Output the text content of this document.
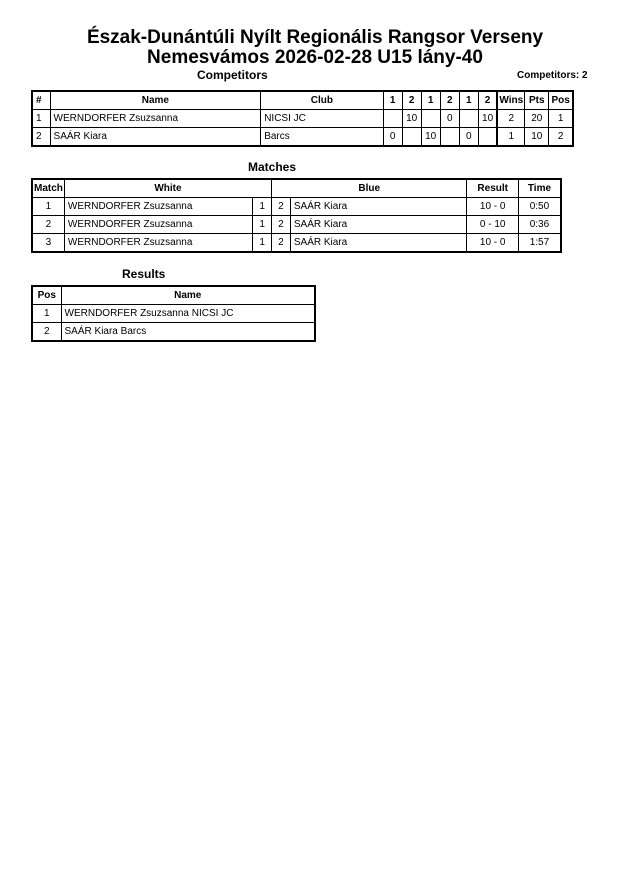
Észak-Dunántúli Nyílt Regionális Rangsor Verseny
Nemesvámos 2026-02-28 U15 lány-40
Competitors	Competitors: 2
#	Name	Club	1	2	1	2	1	2	Wins	Pts	Pos
1	WERNDORFER Zsuzsanna	NICSI JC		10		0		10	2	20	1
2	SAÁR Kiara	Barcs	0		10		0		1	10	2
Matches
Match	White		Blue		Result	Time
1	WERNDORFER Zsuzsanna	1	2	SAÁR Kiara	10 - 0	0:50
2	WERNDORFER Zsuzsanna	1	2	SAÁR Kiara	0 - 10	0:36
3	WERNDORFER Zsuzsanna	1	2	SAÁR Kiara	10 - 0	1:57
Results
Pos	Name
1	WERNDORFER Zsuzsanna NICSI JC
2	SAÁR Kiara Barcs
